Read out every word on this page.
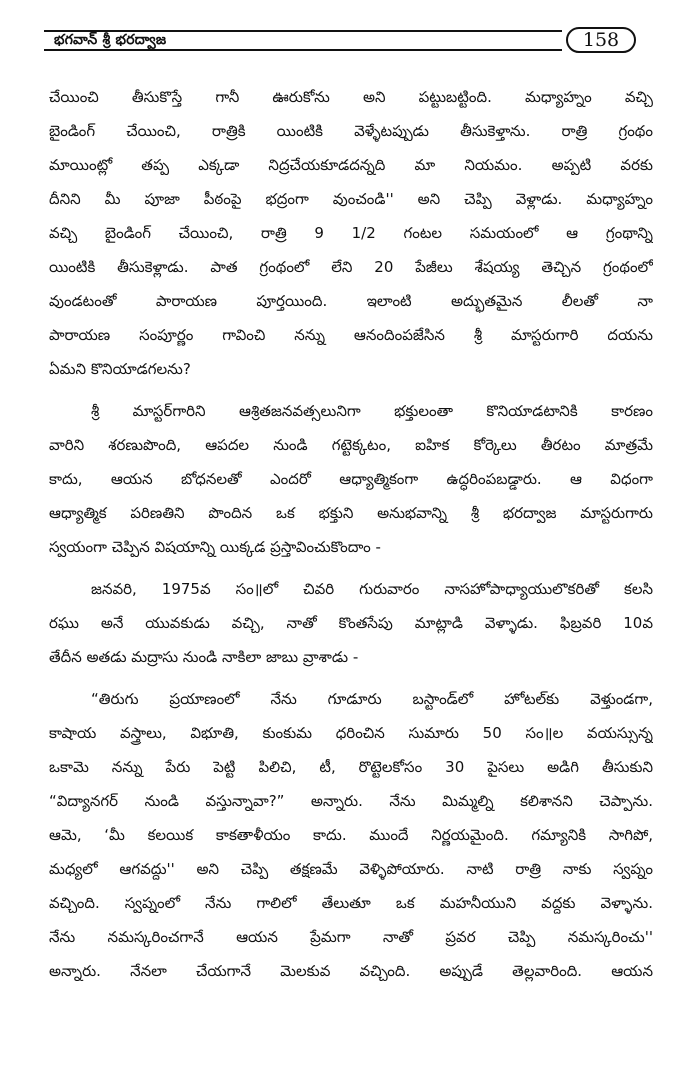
భగవాన్ శ్రీ భరద్వాజ	158
చేయించి తీసుకొస్తే గానీ ఊరుకోను అని పట్టుబట్టింది. మధ్యాహ్నం వచ్చి
బైండింగ్ చేయించి, రాత్రికి యింటికి వెళ్ళేటప్పుడు తీసుకెళ్తాను. రాత్రి గ్రంథం
మాయింట్లో తప్ప ఎక్కడా నిద్రచేయకూడదన్నది మా నియమం. అప్పటి వరకు
దీనిని మీ పూజా పీఠంపై భద్రంగా వుంచండి'' అని చెప్పి వెళ్లాడు. మధ్యాహ్నం
వచ్చి బైండింగ్ చేయించి, రాత్రి 9 1/2 గంటల సమయంలో ఆ గ్రంథాన్ని
యింటికి తీసుకెళ్లాడు. పాత గ్రంథంలో లేని 20 పేజీలు శేషయ్య తెచ్చిన గ్రంథంలో
వుండటంతో పారాయణ పూర్తయింది. ఇలాంటి అద్భుతమైన లీలతో నా
పారాయణ సంపూర్ణం గావించి నన్ను ఆనందింపజేసిన శ్రీ మాస్టరుగారి దయను
ఏమని కొనియాడగలను?
శ్రీ మాస్టర్‌గారిని ఆశ్రితజనవత్సలునిగా భక్తులంతా కొనియాడటానికి కారణం
వారిని శరణుపొంది, ఆపదల నుండి గట్టెక్కటం, ఐహిక కోర్కెలు తీరటం మాత్రమే
కాదు, ఆయన బోధనలతో ఎందరో ఆధ్యాత్మికంగా ఉద్ధరింపబడ్డారు. ఆ విధంగా
ఆధ్యాత్మిక పరిణతిని పొందిన ఒక భక్తుని అనుభవాన్ని శ్రీ భరద్వాజ మాస్టరుగారు
స్వయంగా చెప్పిన విషయాన్ని యిక్కడ ప్రస్తావించుకొందాం -
జనవరి, 1975వ సం॥లో చివరి గురువారం నాసహోపాధ్యాయులొకరితో కలసి
రఘు అనే యువకుడు వచ్చి, నాతో కొంతసేపు మాట్లాడి వెళ్ళాడు. ఫిబ్రవరి 10వ
తేదీన అతడు మద్రాసు నుండి నాకిలా జాబు వ్రాశాడు -
“తిరుగు ప్రయాణంలో నేను గూడూరు బస్టాండ్‌లో హోటల్‌కు వెళ్తుండగా,
కాషాయ వస్త్రాలు, విభూతి, కుంకుమ ధరించిన సుమారు 50 సం॥ల వయస్సున్న
ఒకామె నన్ను పేరు పెట్టి పిలిచి, టీ, రొట్టెలకోసం 30 పైసలు అడిగి తీసుకుని
“విద్యానగర్ నుండి వస్తున్నావా?” అన్నారు. నేను మిమ్మల్ని కలిశానని చెప్పాను.
ఆమె, ‘మీ కలయిక కాకతాళీయం కాదు. ముందే నిర్ణయమైంది. గమ్యానికి సాగిపో,
మధ్యలో ఆగవద్దు'' అని చెప్పి తక్షణమే వెళ్ళిపోయారు. నాటి రాత్రి నాకు స్వప్నం
వచ్చింది. స్వప్నంలో నేను గాలిలో తేలుతూ ఒక మహనీయుని వద్దకు వెళ్ళాను.
నేను నమస్కరించగానే ఆయన ప్రేమగా నాతో ప్రవర చెప్పి నమస్కరించు''
అన్నారు. నేనలా చేయగానే మెలకువ వచ్చింది. అప్పుడే తెల్లవారింది. ఆయన
